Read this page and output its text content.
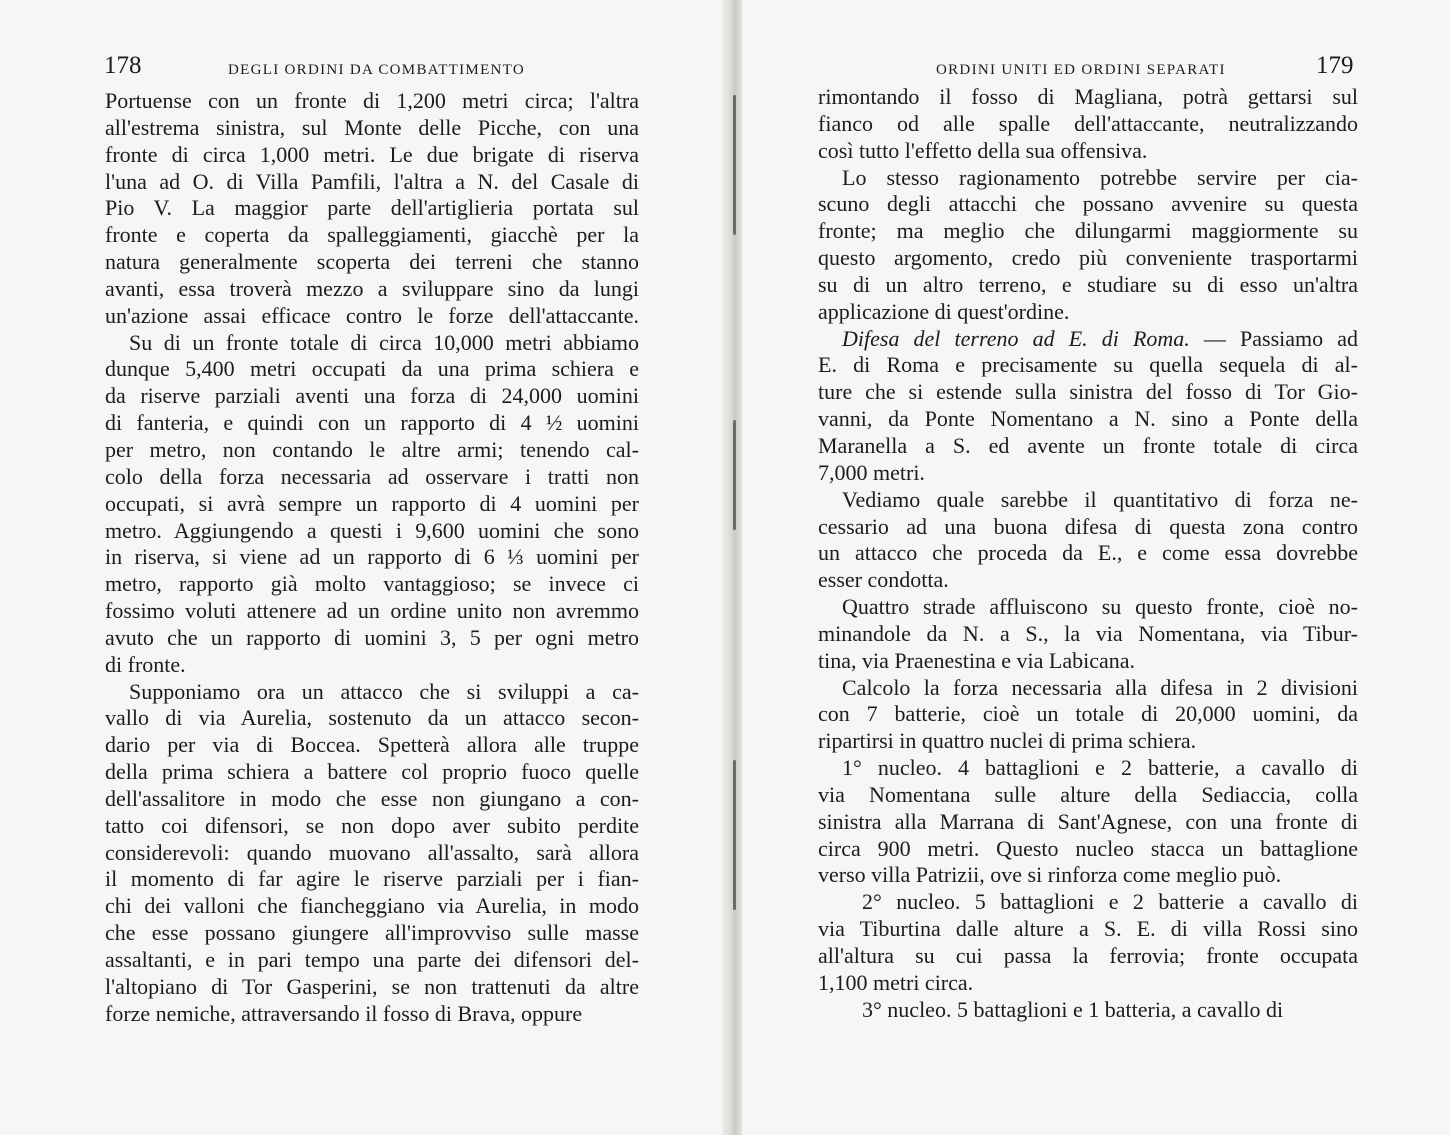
178	DEGLI ORDINI DA COMBATTIMENTO
Portuense con un fronte di 1,200 metri circa; l'altra
all'estrema sinistra, sul Monte delle Picche, con una
fronte di circa 1,000 metri. Le due brigate di riserva
l'una ad O. di Villa Pamfili, l'altra a N. del Casale di
Pio V. La maggior parte dell'artiglieria portata sul
fronte e coperta da spalleggiamenti, giacchè per la
natura generalmente scoperta dei terreni che stanno
avanti, essa troverà mezzo a sviluppare sino da lungi
un'azione assai efficace contro le forze dell'attaccante.
Su di un fronte totale di circa 10,000 metri abbiamo
dunque 5,400 metri occupati da una prima schiera e
da riserve parziali aventi una forza di 24,000 uomini
di fanteria, e quindi con un rapporto di 4 ½ uomini
per metro, non contando le altre armi; tenendo cal-
colo della forza necessaria ad osservare i tratti non
occupati, si avrà sempre un rapporto di 4 uomini per
metro. Aggiungendo a questi i 9,600 uomini che sono
in riserva, si viene ad un rapporto di 6 ⅓ uomini per
metro, rapporto già molto vantaggioso; se invece ci
fossimo voluti attenere ad un ordine unito non avremmo
avuto che un rapporto di uomini 3, 5 per ogni metro
di fronte.
Supponiamo ora un attacco che si sviluppi a ca-
vallo di via Aurelia, sostenuto da un attacco secon-
dario per via di Boccea. Spetterà allora alle truppe
della prima schiera a battere col proprio fuoco quelle
dell'assalitore in modo che esse non giungano a con-
tatto coi difensori, se non dopo aver subito perdite
considerevoli: quando muovano all'assalto, sarà allora
il momento di far agire le riserve parziali per i fian-
chi dei valloni che fiancheggiano via Aurelia, in modo
che esse possano giungere all'improvviso sulle masse
assaltanti, e in pari tempo una parte dei difensori del-
l'altopiano di Tor Gasperini, se non trattenuti da altre
forze nemiche, attraversando il fosso di Brava, oppure
ORDINI UNITI ED ORDINI SEPARATI	179
rimontando il fosso di Magliana, potrà gettarsi sul
fianco od alle spalle dell'attaccante, neutralizzando
così tutto l'effetto della sua offensiva.
Lo stesso ragionamento potrebbe servire per cia-
scuno degli attacchi che possano avvenire su questa
fronte; ma meglio che dilungarmi maggiormente su
questo argomento, credo più conveniente trasportarmi
su di un altro terreno, e studiare su di esso un'altra
applicazione di quest'ordine.
Difesa del terreno ad E. di Roma. — Passiamo ad
E. di Roma e precisamente su quella sequela di al-
ture che si estende sulla sinistra del fosso di Tor Gio-
vanni, da Ponte Nomentano a N. sino a Ponte della
Maranella a S. ed avente un fronte totale di circa
7,000 metri.
Vediamo quale sarebbe il quantitativo di forza ne-
cessario ad una buona difesa di questa zona contro
un attacco che proceda da E., e come essa dovrebbe
esser condotta.
Quattro strade affluiscono su questo fronte, cioè no-
minandole da N. a S., la via Nomentana, via Tibur-
tina, via Praenestina e via Labicana.
Calcolo la forza necessaria alla difesa in 2 divisioni
con 7 batterie, cioè un totale di 20,000 uomini, da
ripartirsi in quattro nuclei di prima schiera.
1° nucleo. 4 battaglioni e 2 batterie, a cavallo di
via Nomentana sulle alture della Sediaccia, colla
sinistra alla Marrana di Sant'Agnese, con una fronte di
circa 900 metri. Questo nucleo stacca un battaglione
verso villa Patrizii, ove si rinforza come meglio può.
2° nucleo. 5 battaglioni e 2 batterie a cavallo di
via Tiburtina dalle alture a S. E. di villa Rossi sino
all'altura su cui passa la ferrovia; fronte occupata
1,100 metri circa.
3° nucleo. 5 battaglioni e 1 batteria, a cavallo di
